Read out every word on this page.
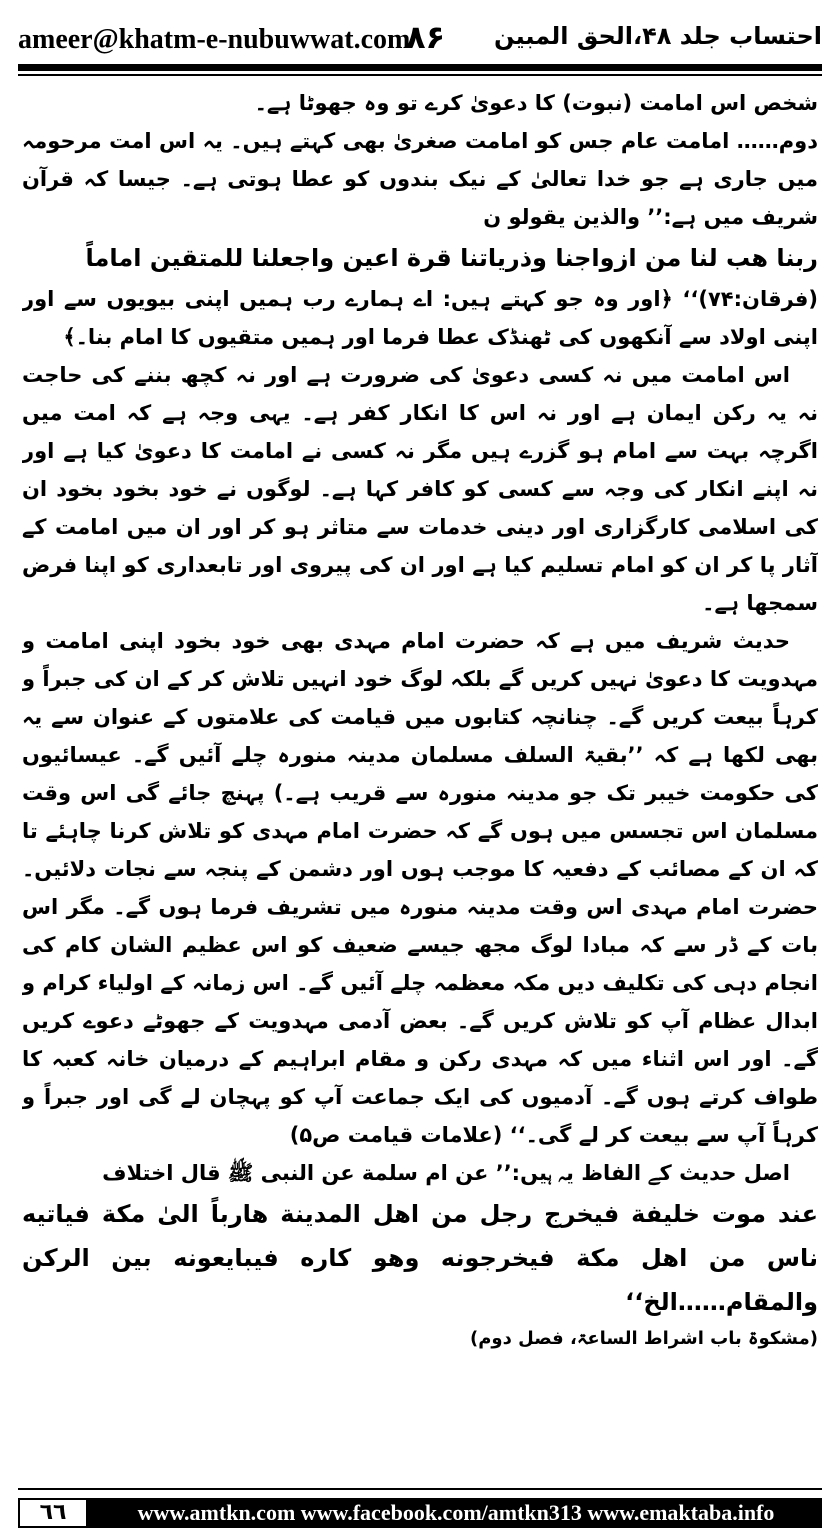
ameer@khatm-e-nubuwwat.com
۸۶ احتساب جلد ۴۸،الحق المبین

شخص اس امامت (نبوت) کا دعویٰ کرے تو وہ جھوٹا ہے۔

دوم…… امامت عام جس کو امامت صغریٰ بھی کہتے ہیں۔ یہ اس امت مرحومہ میں جاری ہے جو خدا تعالیٰ کے نیک بندوں کو عطا ہوتی ہے۔ جیسا کہ قرآن شریف میں ہے:’’ والذین یقولو ن

ربنا هب لنا من ازواجنا وذریاتنا قرة اعین واجعلنا للمتقین اماماً

(فرقان:۷۴)‘‘ ﴿اور وہ جو کہتے ہیں: اے ہمارے رب ہمیں اپنی بیویوں سے اور اپنی اولاد سے آنکھوں کی ٹھنڈک عطا فرما اور ہمیں متقیوں کا امام بنا۔﴾

اس امامت میں نہ کسی دعویٰ کی ضرورت ہے اور نہ کچھ بننے کی حاجت نہ یہ رکن ایمان ہے اور نہ اس کا انکار کفر ہے۔ یہی وجہ ہے کہ امت میں اگرچہ بہت سے امام ہو گزرے ہیں مگر نہ کسی نے امامت کا دعویٰ کیا ہے اور نہ اپنے انکار کی وجہ سے کسی کو کافر کہا ہے۔ لوگوں نے خود بخود بخود ان کی اسلامی کارگزاری اور دینی خدمات سے متاثر ہو کر اور ان میں امامت کے آثار پا کر ان کو امام تسلیم کیا ہے اور ان کی پیروی اور تابعداری کو اپنا فرض سمجھا ہے۔

حدیث شریف میں ہے کہ حضرت امام مہدی بھی خود بخود اپنی امامت و مہدویت کا دعویٰ نہیں کریں گے بلکہ لوگ خود انہیں تلاش کر کے ان کی جبراً و کرہاً بیعت کریں گے۔ چنانچہ کتابوں میں قیامت کی علامتوں کے عنوان سے یہ بھی لکھا ہے کہ ’’بقیۃ السلف مسلمان مدینہ منورہ چلے آئیں گے۔ عیسائیوں کی حکومت خیبر تک جو مدینہ منورہ سے قریب ہے۔) پہنچ جائے گی اس وقت مسلمان اس تجسس میں ہوں گے کہ حضرت امام مہدی کو تلاش کرنا چاہئے تا کہ ان کے مصائب کے دفعیہ کا موجب ہوں اور دشمن کے پنجہ سے نجات دلائیں۔ حضرت امام مہدی اس وقت مدینہ منورہ میں تشریف فرما ہوں گے۔ مگر اس بات کے ڈر سے کہ مبادا لوگ مجھ جیسے ضعیف کو اس عظیم الشان کام کی انجام دہی کی تکلیف دیں مکہ معظمہ چلے آئیں گے۔ اس زمانہ کے اولیاء کرام و ابدال عظام آپ کو تلاش کریں گے۔ بعض آدمی مہدویت کے جھوٹے دعوے کریں گے۔ اور اس اثناء میں کہ مہدی رکن و مقام ابراہیم کے درمیان خانہ کعبہ کا طواف کرتے ہوں گے۔ آدمیوں کی ایک جماعت آپ کو پہچان لے گی اور جبراً و کرہاً آپ سے بیعت کر لے گی۔‘‘ (علامات قیامت ص۵)

اصل حدیث کے الفاظ یہ ہیں:’’ عن ام سلمة عن النبی ﷺ قال اختلاف

عند موت خلیفة فیخرج رجل من اهل المدینة هارباً الیٰ مکة فیاتیه ناس من اهل مکة فیخرجونه وهو کاره فیبایعونه بین الرکن والمقام……الخ‘‘

(مشکوۃ باب اشراط الساعۃ، فصل دوم)

٦٦	www.amtkn.com www.facebook.com/amtkn313 www.emaktaba.info
